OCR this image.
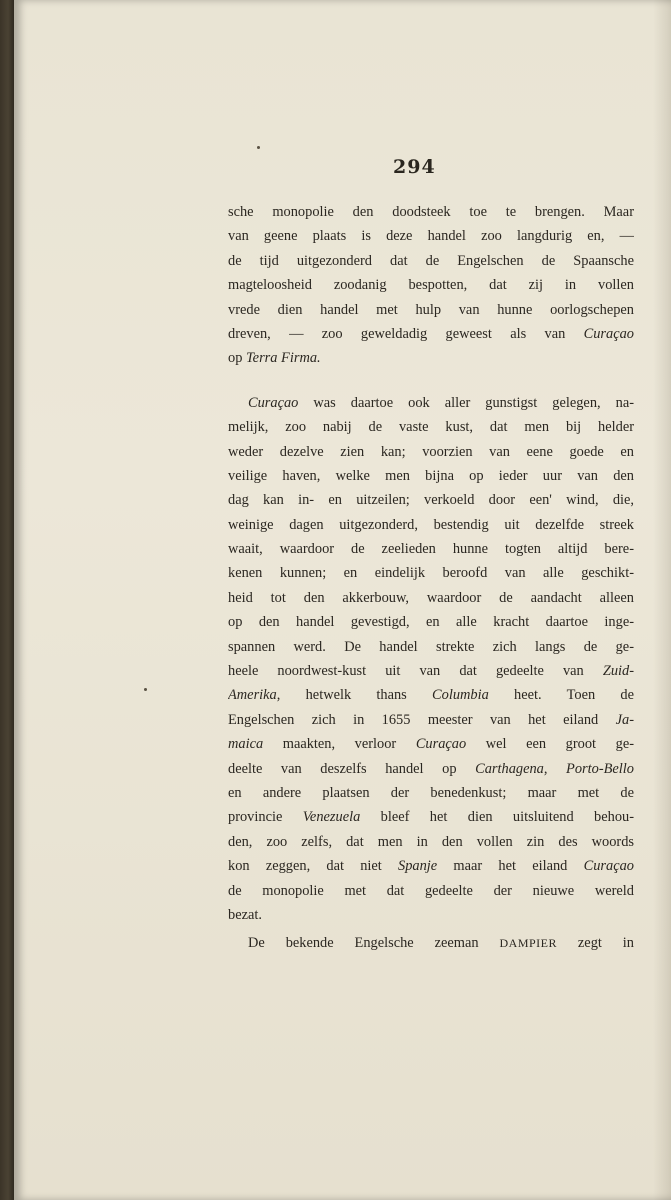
294
sche monopolie den doodsteek toe te brengen. Maar
van geene plaats is deze handel zoo langdurig en, —
de tijd uitgezonderd dat de Engelschen de Spaansche
magteloosheid zoodanig bespotten, dat zij in vollen
vrede dien handel met hulp van hunne oorlogschepen
dreven, — zoo geweldadig geweest als van Curaçao
op Terra Firma.
Curaçao was daartoe ook aller gunstigst gelegen, na-
melijk, zoo nabij de vaste kust, dat men bij helder
weder dezelve zien kan; voorzien van eene goede en
veilige haven, welke men bijna op ieder uur van den
dag kan in- en uitzeilen; verkoeld door een' wind, die,
weinige dagen uitgezonderd, bestendig uit dezelfde streek
waait, waardoor de zeelieden hunne togten altijd bere-
kenen kunnen; en eindelijk beroofd van alle geschikt-
heid tot den akkerbouw, waardoor de aandacht alleen
op den handel gevestigd, en alle kracht daartoe inge-
spannen werd. De handel strekte zich langs de ge-
heele noordwest-kust uit van dat gedeelte van Zuid-
Amerika, hetwelk thans Columbia heet. Toen de
Engelschen zich in 1655 meester van het eiland Ja-
maica maakten, verloor Curaçao wel een groot ge-
deelte van deszelfs handel op Carthagena, Porto-Bello
en andere plaatsen der benedenkust; maar met de
provincie Venezuela bleef het dien uitsluitend behou-
den, zoo zelfs, dat men in den vollen zin des woords
kon zeggen, dat niet Spanje maar het eiland Curaçao
de monopolie met dat gedeelte der nieuwe wereld
bezat.
De bekende Engelsche zeeman DAMPIER zegt in
